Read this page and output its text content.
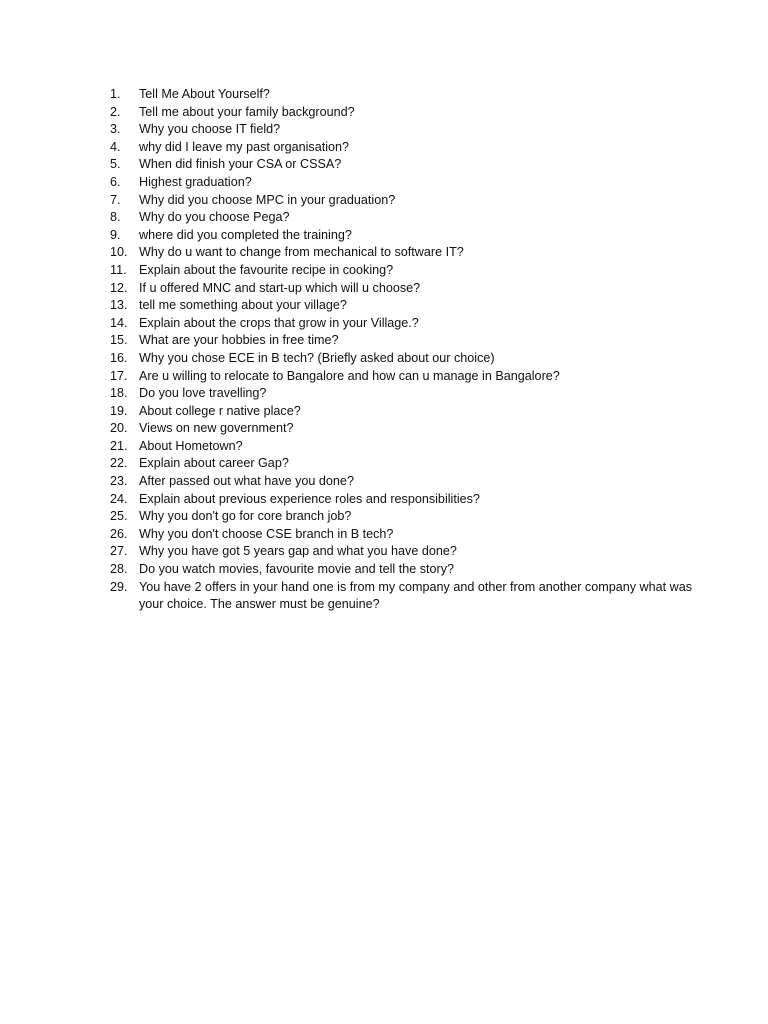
1.	Tell Me About Yourself?
2.	Tell me about your family background?
3.	Why you choose IT field?
4.	why did I leave my past organisation?
5.	When did finish your CSA or CSSA?
6.	Highest graduation?
7.	Why did you choose MPC in your graduation?
8.	Why do you choose Pega?
9.	where did you completed the training?
10. Why do u want to change from mechanical to software IT?
11. Explain about the favourite recipe in cooking?
12. If u offered MNC and start-up which will u choose?
13. tell me something about your village?
14. Explain about the crops that grow in your Village.?
15. What are your hobbies in free time?
16. Why you chose ECE in B tech? (Briefly asked about our choice)
17. Are u willing to relocate to Bangalore and how can u manage in Bangalore?
18. Do you love travelling?
19. About college r native place?
20. Views on new government?
21. About Hometown?
22. Explain about career Gap?
23. After passed out what have you done?
24. Explain about previous experience roles and responsibilities?
25. Why you don't go for core branch job?
26. Why you don't choose CSE branch in B tech?
27. Why you have got 5 years gap and what you have done?
28. Do you watch movies, favourite movie and tell the story?
29. You have 2 offers in your hand one is from my company and other from another company what was your choice. The answer must be genuine?
